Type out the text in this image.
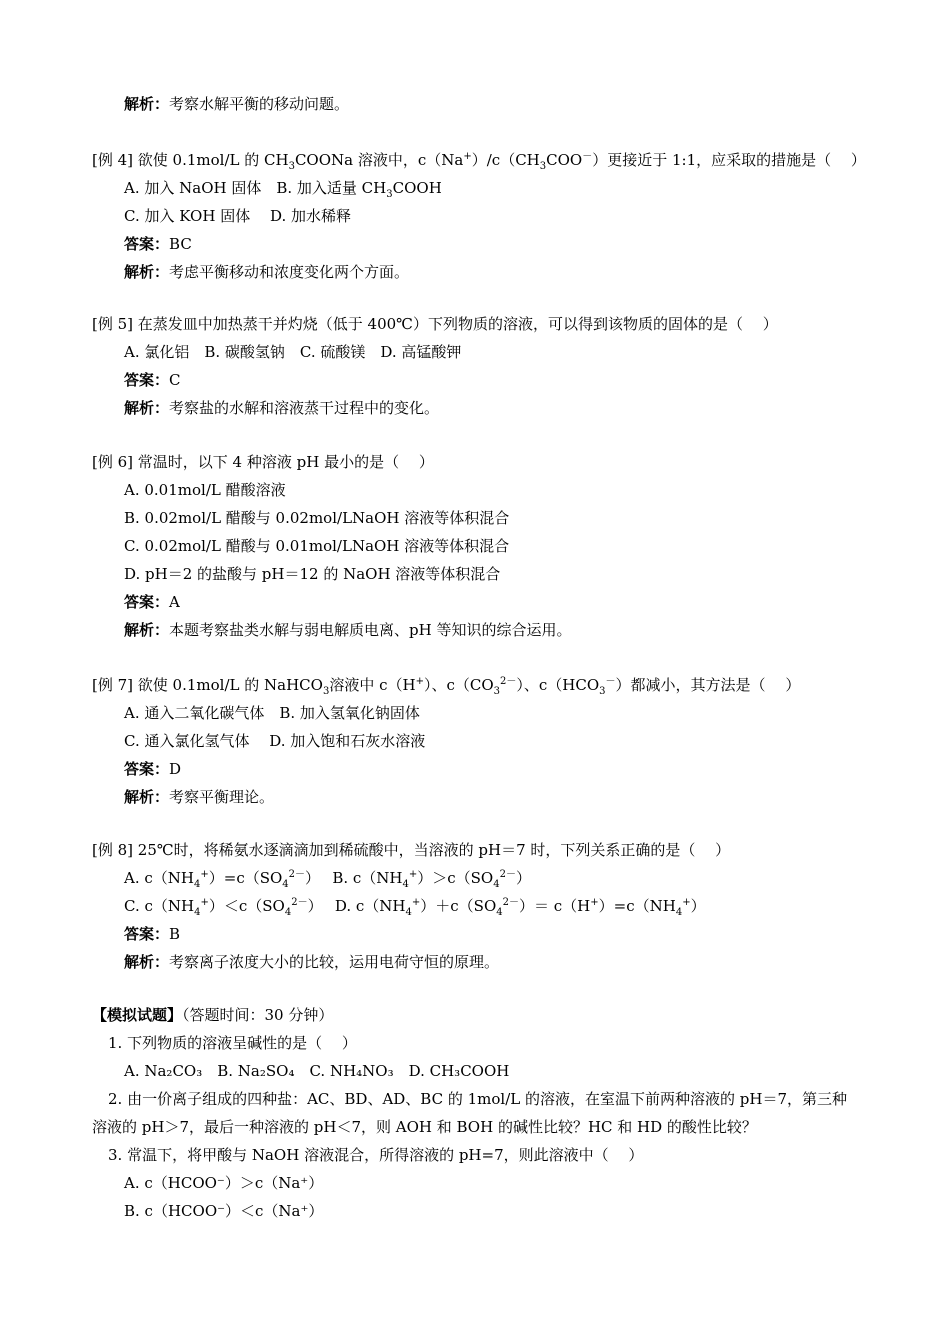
解析：考察水解平衡的移动问题。
[例 4] 欲使 0.1mol/L 的 $CH_3COONa$ 溶液中，$c(Na^+)/c(CH_3COO^-)$更接近于 1:1，应采取的措施是（　 ）
A. 加入 NaOH 固体　B. 加入适量 $CH_3COOH$
C. 加入 KOH 固体　 D. 加水稀释
答案：BC
解析：考虑平衡移动和浓度变化两个方面。
[例 5] 在蒸发皿中加热蒸干并灼烧（低于 400℃）下列物质的溶液，可以得到该物质的固体的是（　 ）
A. 氯化铝　B. 碳酸氢钠　C. 硫酸镁　D. 高锰酸钾
答案：C
解析：考察盐的水解和溶液蒸干过程中的变化。
[例 6] 常温时，以下 4 种溶液 pH 最小的是（　 ）
A. 0.01mol/L 醋酸溶液
B. 0.02mol/L 醋酸与 0.02mol/LNaOH 溶液等体积混合
C. 0.02mol/L 醋酸与 0.01mol/LNaOH 溶液等体积混合
D. pH＝2 的盐酸与 pH＝12 的 NaOH 溶液等体积混合
答案：A
解析：本题考察盐类水解与弱电解质电离、pH 等知识的综合运用。
[例 7] 欲使 0.1mol/L 的 NaHCO$_3$溶液中 c（H+）、$c(CO_3^{2-})$、$c(HCO_3^-)$都减小，其方法是（　 ）
A. 通入二氧化碳气体　B. 加入氢氧化钠固体
C. 通入氯化氢气体　 D. 加入饱和石灰水溶液
答案：D
解析：考察平衡理论。
[例 8] 25℃时，将稀氨水逐滴滴加到稀硫酸中，当溶液的 pH＝7 时，下列关系正确的是（　 ）
A. $c(NH_4^+)=c(SO_4^{2-})$　 B. $c(NH_4^+)>c(SO_4^{2-})$
C. $c(NH_4^+)<c(SO_4^{2-})$　 D. $c(NH_4^+)+c(SO_4^{2-})= c(H^+)=c(NH_4^+)$
答案：B
解析：考察离子浓度大小的比较，运用电荷守恒的原理。
【模拟试题】（答题时间：30 分钟）
1. 下列物质的溶液呈碱性的是（　 ）
A. Na₂CO₃　B. Na₂SO₄　C. NH₄NO₃　D. CH₃COOH
2. 由一价离子组成的四种盐：AC、BD、AD、BC 的 1mol/L 的溶液，在室温下前两种溶液的 pH＝7，第三种
溶液的 pH＞7，最后一种溶液的 pH＜7，则 AOH 和 BOH 的碱性比较？HC 和 HD 的酸性比较？
3. 常温下，将甲酸与 NaOH 溶液混合，所得溶液的 pH=7，则此溶液中（　 ）
A. c（HCOO⁻）＞c（Na⁺）
B. c（HCOO⁻）＜c（Na⁺）
